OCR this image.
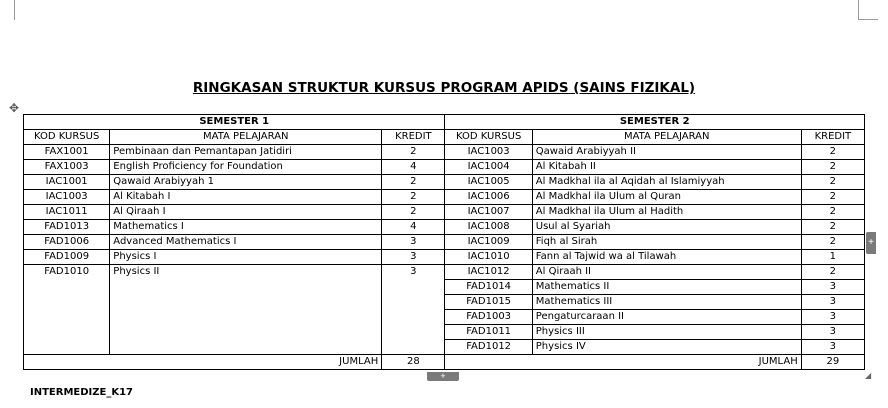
RINGKASAN STRUKTUR KURSUS PROGRAM APIDS (SAINS FIZIKAL)
✥
SEMESTER 1			SEMESTER 2		
KOD KURSUS	MATA PELAJARAN	KREDIT	KOD KURSUS	MATA PELAJARAN	KREDIT
FAX1001	Pembinaan dan Pemantapan Jatidiri	2	IAC1003	Qawaid Arabiyyah II	2
FAX1003	English Proficiency for Foundation	4	IAC1004	Al Kitabah II	2
IAC1001	Qawaid Arabiyyah 1	2	IAC1005	Al Madkhal ila al Aqidah al Islamiyyah	2
IAC1003	Al Kitabah I	2	IAC1006	Al Madkhal ila Ulum al Quran	2
IAC1011	Al Qiraah I	2	IAC1007	Al Madkhal ila Ulum al Hadith	2
FAD1013	Mathematics I	4	IAC1008	Usul al Syariah	2
FAD1006	Advanced Mathematics I	3	IAC1009	Fiqh al Sirah	2
FAD1009	Physics I	3	IAC1010	Fann al Tajwid wa al Tilawah	1
FAD1010	Physics II	3	IAC1012	Al Qiraah II	2
			FAD1014	Mathematics II	3
			FAD1015	Mathematics III	3
			FAD1003	Pengaturcaraan II	3
			FAD1011	Physics III	3
			FAD1012	Physics IV	3
JUMLAH		28	JUMLAH		29
+
+	◢
INTERMEDIZE_K17
